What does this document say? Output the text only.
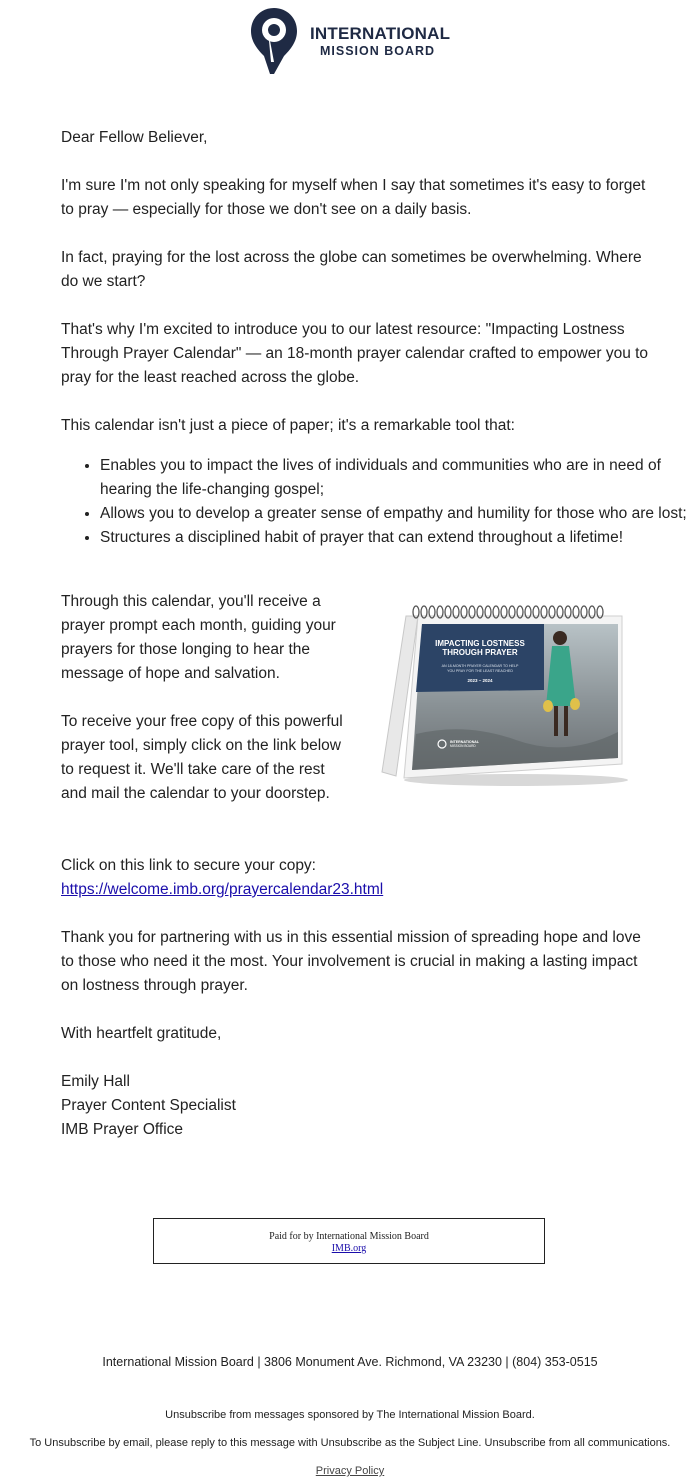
INTERNATIONAL
MISSION BOARD

Dear Fellow Believer,

I'm sure I'm not only speaking for myself when I say that sometimes it's easy to forget to pray — especially for those we don't see on a daily basis.

In fact, praying for the lost across the globe can sometimes be overwhelming. Where do we start?

That's why I'm excited to introduce you to our latest resource: "Impacting Lostness Through Prayer Calendar" — an 18-month prayer calendar crafted to empower you to pray for the least reached across the globe.

This calendar isn't just a piece of paper; it's a remarkable tool that:

• Enables you to impact the lives of individuals and communities who are in need of hearing the life-changing gospel;
• Allows you to develop a greater sense of empathy and humility for those who are lost;
• Structures a disciplined habit of prayer that can extend throughout a lifetime!

Through this calendar, you'll receive a prayer prompt each month, guiding your prayers for those longing to hear the message of hope and salvation.

To receive your free copy of this powerful prayer tool, simply click on the link below to request it. We'll take care of the rest and mail the calendar to your doorstep.

IMPACTING LOSTNESS
THROUGH PRAYER
AN 18-MONTH PRAYER CALENDAR TO HELP
YOU PRAY FOR THE LEAST REACHED
2023 – 2024
INTERNATIONAL
MISSION BOARD

Click on this link to secure your copy: https://welcome.imb.org/prayercalendar23.html

Thank you for partnering with us in this essential mission of spreading hope and love to those who need it the most. Your involvement is crucial in making a lasting impact on lostness through prayer.

With heartfelt gratitude,

Emily Hall

Prayer Content Specialist

IMB Prayer Office

Paid for by International Mission Board
IMB.org
International Mission Board | 3806 Monument Ave. Richmond, VA 23230 | (804) 353-0515
Unsubscribe from messages sponsored by The International Mission Board.
To Unsubscribe by email, please reply to this message with Unsubscribe as the Subject Line. Unsubscribe from all communications.
Privacy Policy
